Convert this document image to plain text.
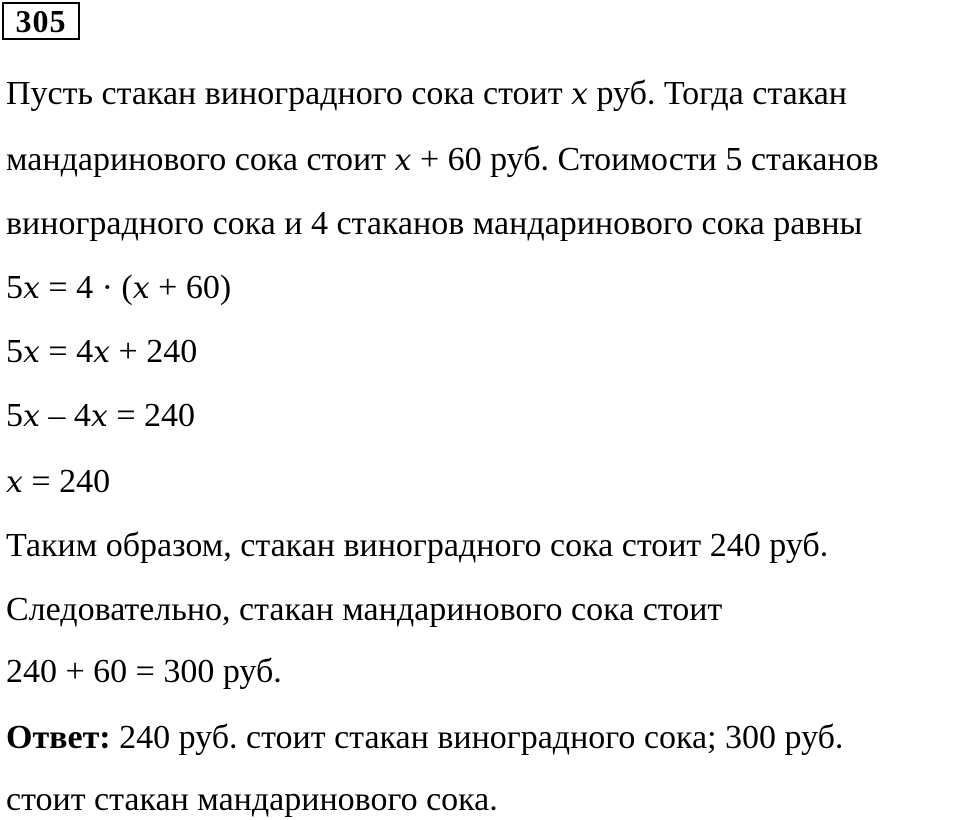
305
Пусть стакан виноградного сока стоит x руб. Тогда стакан
мандаринового сока стоит x + 60 руб. Стоимости 5 стаканов
виноградного сока и 4 стаканов мандаринового сока равны
5x = 4 · (x + 60)
5x = 4x + 240
5x – 4x = 240
x = 240
Таким образом, стакан виноградного сока стоит 240 руб.
Следовательно, стакан мандаринового сока стоит
240 + 60 = 300 руб.
Ответ: 240 руб. стоит стакан виноградного сока; 300 руб.
стоит стакан мандаринового сока.
